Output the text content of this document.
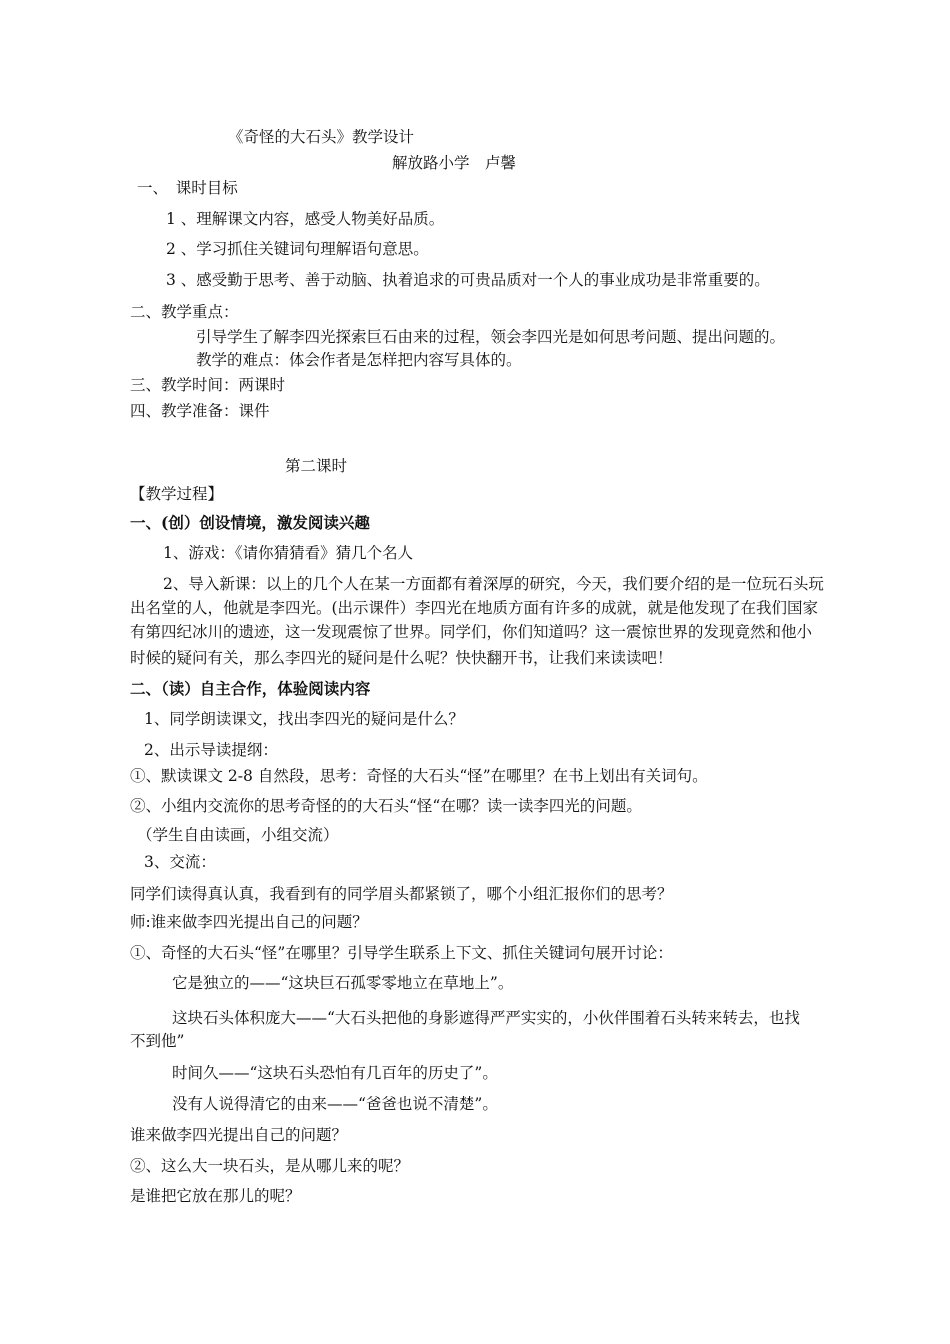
《奇怪的大石头》教学设计
解放路小学　卢馨
一、　课时目标
1 、理解课文内容，感受人物美好品质。
2 、学习抓住关键词句理解语句意思。
3 、感受勤于思考、善于动脑、执着追求的可贵品质对一个人的事业成功是非常重要的。
二、教学重点：
引导学生了解李四光探索巨石由来的过程，领会李四光是如何思考问题、提出问题的。
教学的难点：体会作者是怎样把内容写具体的。
三、教学时间：两课时
四、教学准备：课件
第二课时
【教学过程】
一、(创）创设情境，激发阅读兴趣
1、游戏：《请你猜猜看》猜几个名人
2、导入新课：以上的几个人在某一方面都有着深厚的研究，今天，我们要介绍的是一位玩石头玩
出名堂的人，他就是李四光。(出示课件）李四光在地质方面有许多的成就，就是他发现了在我们国家
有第四纪冰川的遗迹，这一发现震惊了世界。同学们，你们知道吗？这一震惊世界的发现竟然和他小
时候的疑问有关，那么李四光的疑问是什么呢？快快翻开书，让我们来读读吧！
二、（读）自主合作，体验阅读内容
1、同学朗读课文，找出李四光的疑问是什么？
2、出示导读提纲：
①、默读课文 2-8 自然段，思考：奇怪的大石头“怪”在哪里？在书上划出有关词句。
②、小组内交流你的思考奇怪的的大石头“怪“在哪？读一读李四光的问题。
（学生自由读画，小组交流）
3、交流：
同学们读得真认真，我看到有的同学眉头都紧锁了，哪个小组汇报你们的思考？
师:谁来做李四光提出自己的问题？
①、奇怪的大石头“怪”在哪里？引导学生联系上下文、抓住关键词句展开讨论：
它是独立的——“这块巨石孤零零地立在草地上”。
这块石头体积庞大——“大石头把他的身影遮得严严实实的，小伙伴围着石头转来转去，也找
不到他”
时间久——“这块石头恐怕有几百年的历史了”。
没有人说得清它的由来——“爸爸也说不清楚”。
谁来做李四光提出自己的问题？
②、这么大一块石头，是从哪儿来的呢？
是谁把它放在那儿的呢？
